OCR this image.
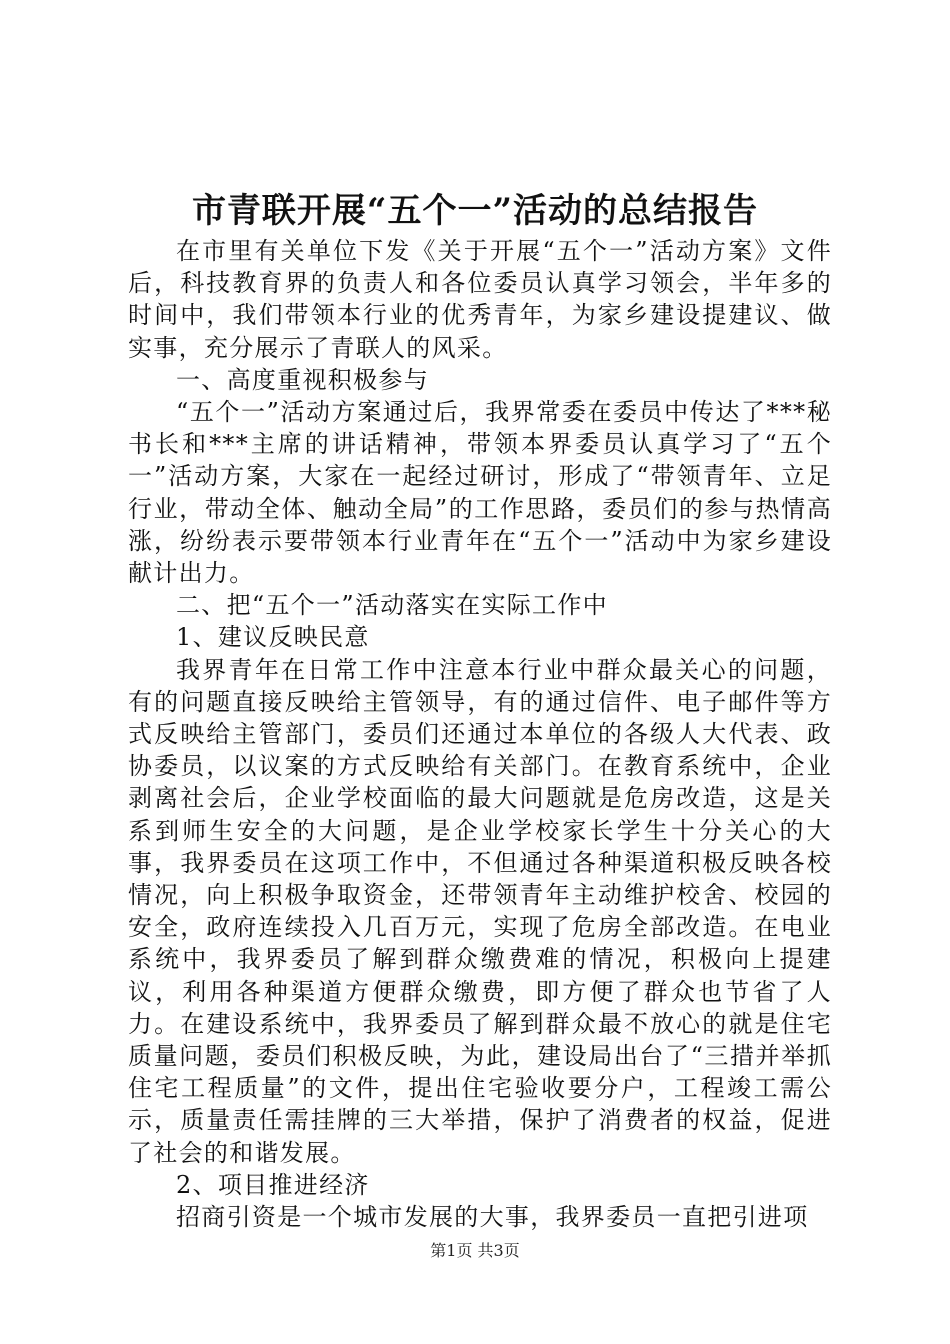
市青联开展“五个一”活动的总结报告

在市里有关单位下发《关于开展“五个一”活动方案》文件后，科技教育界的负责人和各位委员认真学习领会，半年多的时间中，我们带领本行业的优秀青年，为家乡建设提建议、做实事，充分展示了青联人的风采。

一、高度重视积极参与

“五个一”活动方案通过后，我界常委在委员中传达了***秘书长和***主席的讲话精神，带领本界委员认真学习了“五个一”活动方案，大家在一起经过研讨，形成了“带领青年、立足行业，带动全体、触动全局”的工作思路，委员们的参与热情高涨，纷纷表示要带领本行业青年在“五个一”活动中为家乡建设献计出力。

二、把“五个一”活动落实在实际工作中

1、建议反映民意

我界青年在日常工作中注意本行业中群众最关心的问题，有的问题直接反映给主管领导，有的通过信件、电子邮件等方式反映给主管部门，委员们还通过本单位的各级人大代表、政协委员，以议案的方式反映给有关部门。在教育系统中，企业剥离社会后，企业学校面临的最大问题就是危房改造，这是关系到师生安全的大问题，是企业学校家长学生十分关心的大事，我界委员在这项工作中，不但通过各种渠道积极反映各校情况，向上积极争取资金，还带领青年主动维护校舍、校园的安全，政府连续投入几百万元，实现了危房全部改造。在电业系统中，我界委员了解到群众缴费难的情况，积极向上提建议，利用各种渠道方便群众缴费，即方便了群众也节省了人力。在建设系统中，我界委员了解到群众最不放心的就是住宅质量问题，委员们积极反映，为此，建设局出台了“三措并举抓住宅工程质量”的文件，提出住宅验收要分户，工程竣工需公示，质量责任需挂牌的三大举措，保护了消费者的权益，促进了社会的和谐发展。

2、项目推进经济

招商引资是一个城市发展的大事，我界委员一直把引进项

第1页 共3页
